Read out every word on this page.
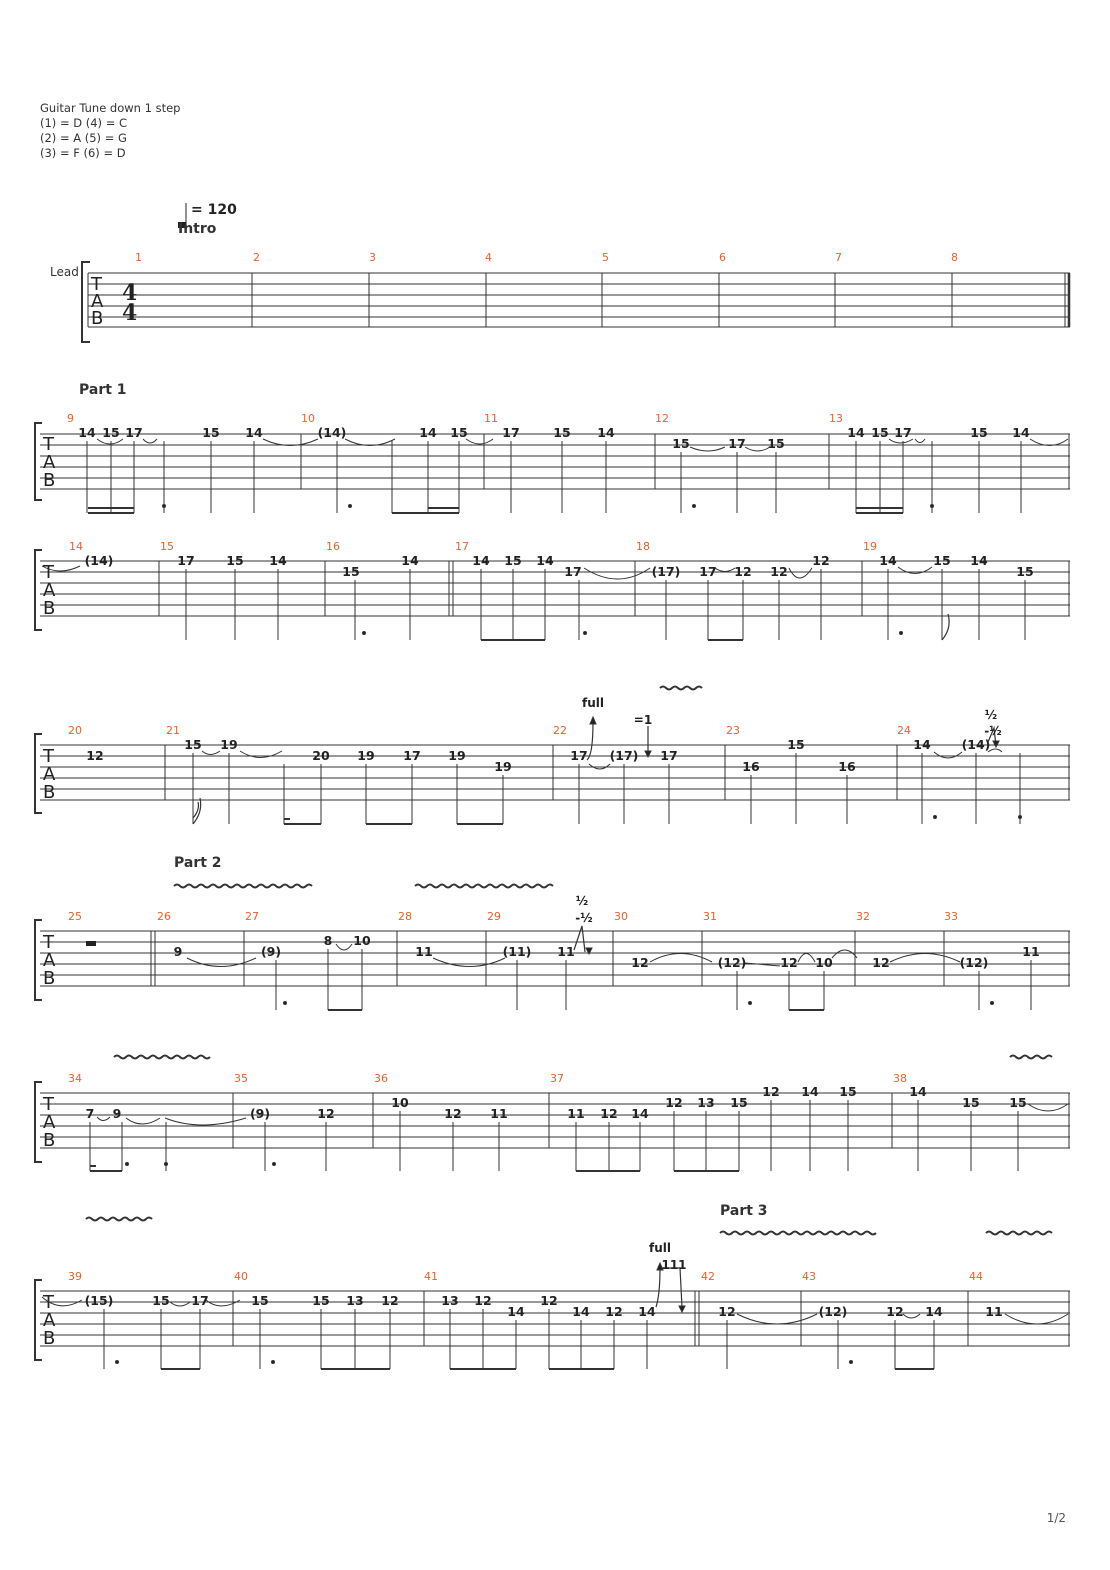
Guitar Tune down 1 step
(1) = D (4) = C
(2) = A (5) = G
(3) = F (6) = D
= 120
Intro
Lead
T
A
B
4
4
1	2	3	4	5	6	7	8
Part 1
T
A
B
9	10	11	12	13
14 15 17	15 14	(14)	14 15	17	15 14
15	17 15
14 15 17	15 14
T
A
B
14	15	16	17	18	19
(14)	17	15 14
15
14	14 15 14
17	(17) 17 12 12
12	14	15 14
15
T
A
B
20	21	22	23	24
12
15 19
20 19 17 19
19
17 (17) 17
15
16	16
14 (14)
full
=1	½
-½
Part 2
T
A
B
25	26	27	28	29	30	31	32	33
9	(9)
8 10
11	(11) 11
12	(12)	12 10	12	(12)
11
½
-½
T
A
B
34	35	36	37	38
7 9	(9)	12
10
12 11	11 12 14
12 13 15
12 14 15	14
15 15
Part 3
T
A
B
39	40	41	42	43	44
(15)	15 17	15	15 13 12	13 12
14
12
14 12 14	12	(12)	12 14	11
full
111
1/2
